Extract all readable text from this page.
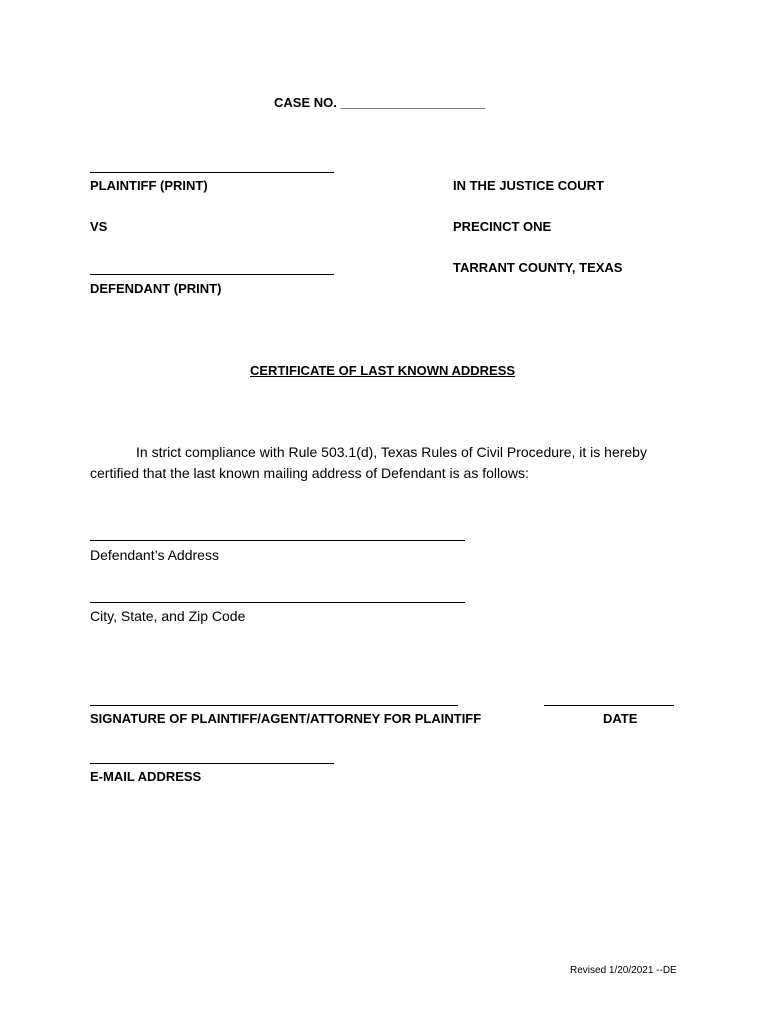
CASE NO. ____________________
PLAINTIFF (PRINT)
VS
DEFENDANT (PRINT)
IN THE JUSTICE COURT
PRECINCT ONE
TARRANT COUNTY, TEXAS
CERTIFICATE OF LAST KNOWN ADDRESS
In strict compliance with Rule 503.1(d), Texas Rules of Civil Procedure, it is hereby
certified that the last known mailing address of Defendant is as follows:
Defendant’s Address
City, State, and Zip Code
SIGNATURE OF PLAINTIFF/AGENT/ATTORNEY FOR PLAINTIFF	DATE
E-MAIL ADDRESS
Revised 1/20/2021 --DE
